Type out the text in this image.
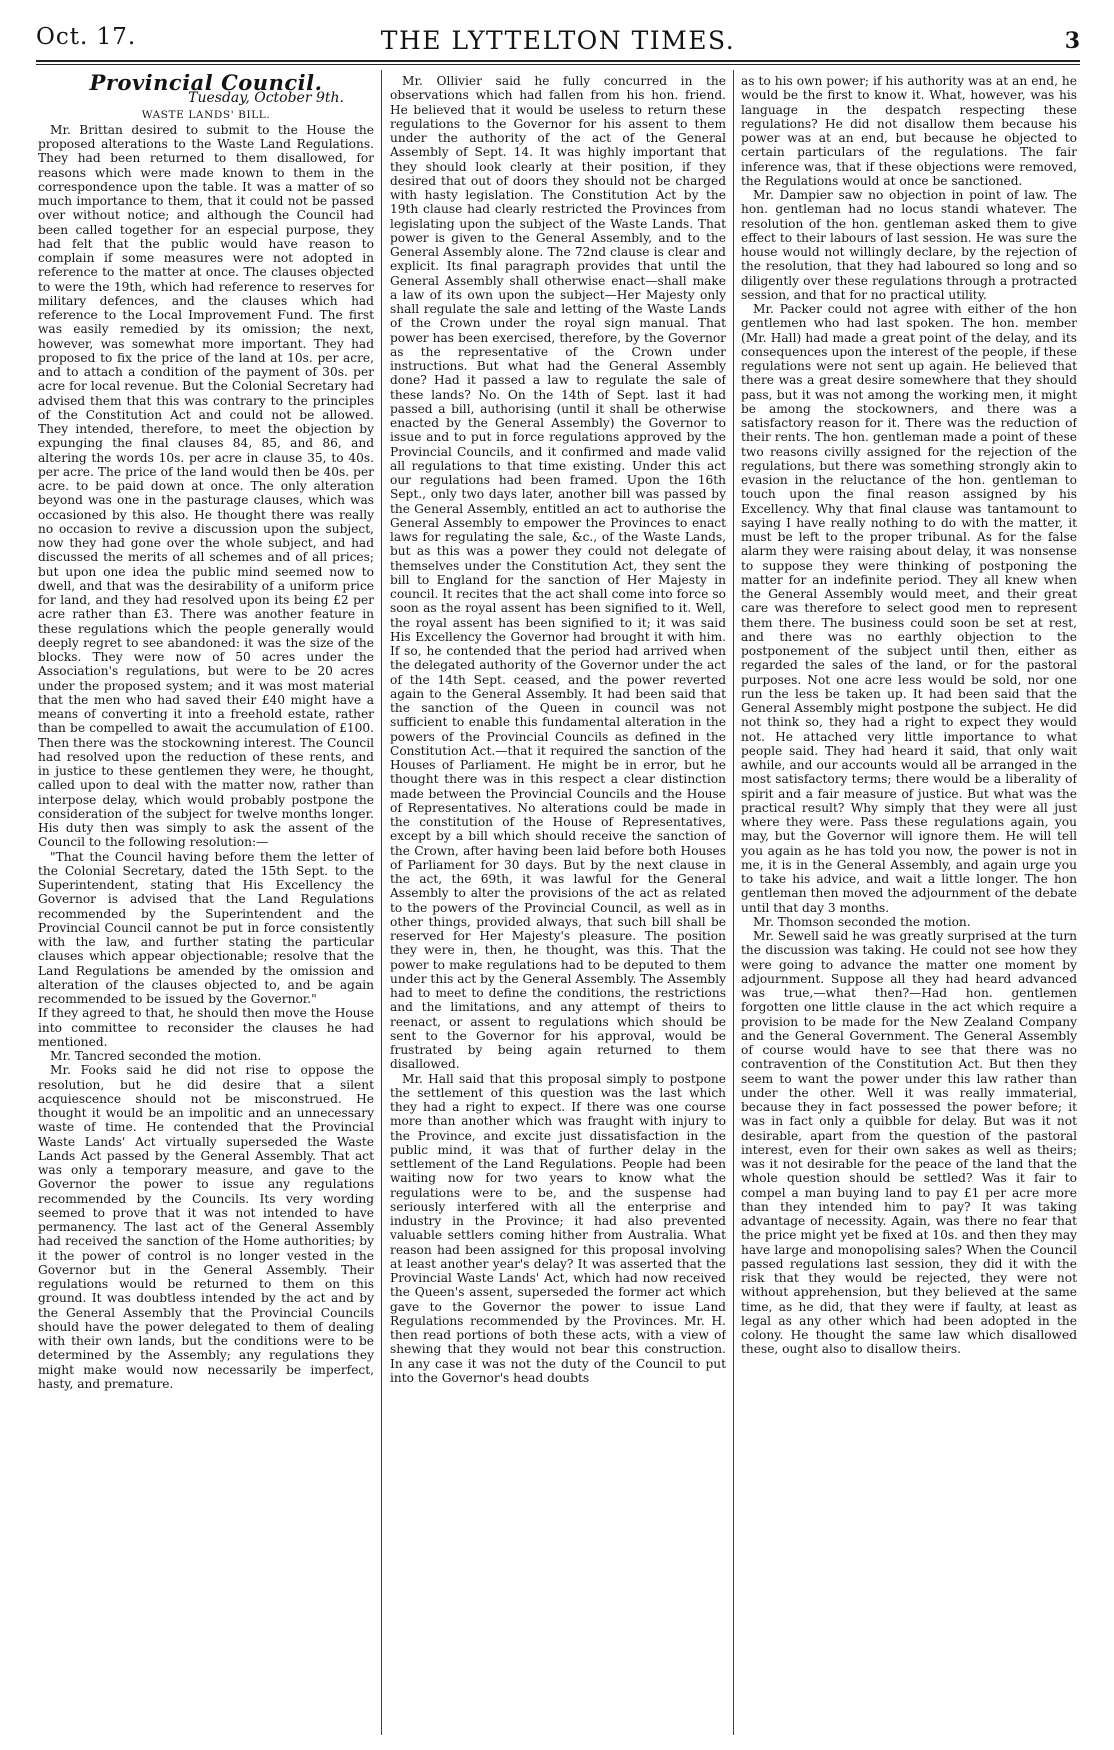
Oct. 17.	THE LYTTELTON TIMES.	3
Provincial Council.
Tuesday, October 9th.
WASTE LANDS' BILL.

Mr. Brittan desired to submit to the House the proposed alterations to the Waste Land Regulations. They had been returned to them disallowed, for reasons which were made known to them in the correspondence upon the table. It was a matter of so much importance to them, that it could not be passed over without notice; and although the Council had been called together for an especial purpose, they had felt that the public would have reason to complain if some measures were not adopted in reference to the matter at once. The clauses objected to were the 19th, which had reference to reserves for military defences, and the clauses which had reference to the Local Improvement Fund. The first was easily remedied by its omission; the next, however, was somewhat more important. They had proposed to fix the price of the land at 10s. per acre, and to attach a condition of the payment of 30s. per acre for local revenue. But the Colonial Secretary had advised them that this was contrary to the principles of the Constitution Act and could not be allowed. They intended, therefore, to meet the objection by expunging the final clauses 84, 85, and 86, and altering the words 10s. per acre in clause 35, to 40s. per acre. The price of the land would then be 40s. per acre. to be paid down at once. The only alteration beyond was one in the pasturage clauses, which was occasioned by this also. He thought there was really no occasion to revive a discussion upon the subject, now they had gone over the whole subject, and had discussed the merits of all schemes and of all prices; but upon one idea the public mind seemed now to dwell, and that was the desirability of a uniform price for land, and they had resolved upon its being £2 per acre rather than £3. There was another feature in these regulations which the people generally would deeply regret to see abandoned: it was the size of the blocks. They were now of 50 acres under the Association's regulations, but were to be 20 acres under the proposed system; and it was most material that the men who had saved their £40 might have a means of converting it into a freehold estate, rather than be compelled to await the accumulation of £100. Then there was the stockowning interest. The Council had resolved upon the reduction of these rents, and in justice to these gentlemen they were, he thought, called upon to deal with the matter now, rather than interpose delay, which would probably postpone the consideration of the subject for twelve months longer. His duty then was simply to ask the assent of the Council to the following resolution:—

"That the Council having before them the letter of the Colonial Secretary, dated the 15th Sept. to the Superintendent, stating that His Excellency the Governor is advised that the Land Regulations recommended by the Superintendent and the Provincial Council cannot be put in force consistently with the law, and further stating the particular clauses which appear objectionable; resolve that the Land Regulations be amended by the omission and alteration of the clauses objected to, and be again recommended to be issued by the Governor."

If they agreed to that, he should then move the House into committee to reconsider the clauses he had mentioned.

Mr. Tancred seconded the motion.

Mr. Fooks said he did not rise to oppose the resolution, but he did desire that a silent acquiescence should not be misconstrued. He thought it would be an impolitic and an unnecessary waste of time. He contended that the Provincial Waste Lands' Act virtually superseded the Waste Lands Act passed by the General Assembly. That act was only a temporary measure, and gave to the Governor the power to issue any regulations recommended by the Councils. Its very wording seemed to prove that it was not intended to have permanency. The last act of the General Assembly had received the sanction of the Home authorities; by it the power of control is no longer vested in the Governor but in the General Assembly. Their regulations would be returned to them on this ground. It was doubtless intended by the act and by the General Assembly that the Provincial Councils should have the power delegated to them of dealing with their own lands, but the conditions were to be determined by the Assembly; any regulations they might make would now necessarily be imperfect, hasty, and premature.

Mr. Ollivier said he fully concurred in the observations which had fallen from his hon. friend. He believed that it would be useless to return these regulations to the Governor for his assent to them under the authority of the act of the General Assembly of Sept. 14. It was highly important that they should look clearly at their position, if they desired that out of doors they should not be charged with hasty legislation. The Constitution Act by the 19th clause had clearly restricted the Provinces from legislating upon the subject of the Waste Lands. That power is given to the General Assembly, and to the General Assembly alone. The 72nd clause is clear and explicit. Its final paragraph provides that until the General Assembly shall otherwise enact—shall make a law of its own upon the subject—Her Majesty only shall regulate the sale and letting of the Waste Lands of the Crown under the royal sign manual. That power has been exercised, therefore, by the Governor as the representative of the Crown under instructions. But what had the General Assembly done? Had it passed a law to regulate the sale of these lands? No. On the 14th of Sept. last it had passed a bill, authorising (until it shall be otherwise enacted by the General Assembly) the Governor to issue and to put in force regulations approved by the Provincial Councils, and it confirmed and made valid all regulations to that time existing. Under this act our regulations had been framed. Upon the 16th Sept., only two days later, another bill was passed by the General Assembly, entitled an act to authorise the General Assembly to empower the Provinces to enact laws for regulating the sale, &c., of the Waste Lands, but as this was a power they could not delegate of themselves under the Constitution Act, they sent the bill to England for the sanction of Her Majesty in council. It recites that the act shall come into force so soon as the royal assent has been signified to it. Well, the royal assent has been signified to it; it was said His Excellency the Governor had brought it with him. If so, he contended that the period had arrived when the delegated authority of the Governor under the act of the 14th Sept. ceased, and the power reverted again to the General Assembly. It had been said that the sanction of the Queen in council was not sufficient to enable this fundamental alteration in the powers of the Provincial Councils as defined in the Constitution Act.—that it required the sanction of the Houses of Parliament. He might be in error, but he thought there was in this respect a clear distinction made between the Provincial Councils and the House of Representatives. No alterations could be made in the constitution of the House of Representatives, except by a bill which should receive the sanction of the Crown, after having been laid before both Houses of Parliament for 30 days. But by the next clause in the act, the 69th, it was lawful for the General Assembly to alter the provisions of the act as related to the powers of the Provincial Council, as well as in other things, provided always, that such bill shall be reserved for Her Majesty's pleasure. The position they were in, then, he thought, was this. That the power to make regulations had to be deputed to them under this act by the General Assembly. The Assembly had to meet to define the conditions, the restrictions and the limitations, and any attempt of theirs to reenact, or assent to regulations which should be sent to the Governor for his approval, would be frustrated by being again returned to them disallowed.

Mr. Hall said that this proposal simply to postpone the settlement of this question was the last which they had a right to expect. If there was one course more than another which was fraught with injury to the Province, and excite just dissatisfaction in the public mind, it was that of further delay in the settlement of the Land Regulations. People had been waiting now for two years to know what the regulations were to be, and the suspense had seriously interfered with all the enterprise and industry in the Province; it had also prevented valuable settlers coming hither from Australia. What reason had been assigned for this proposal involving at least another year's delay? It was asserted that the Provincial Waste Lands' Act, which had now received the Queen's assent, superseded the former act which gave to the Governor the power to issue Land Regulations recommended by the Provinces. Mr. H. then read portions of both these acts, with a view of shewing that they would not bear this construction. In any case it was not the duty of the Council to put into the Governor's head doubts

as to his own power; if his authority was at an end, he would be the first to know it. What, however, was his language in the despatch respecting these regulations? He did not disallow them because his power was at an end, but because he objected to certain particulars of the regulations. The fair inference was, that if these objections were removed, the Regulations would at once be sanctioned.

Mr. Dampier saw no objection in point of law. The hon. gentleman had no locus standi whatever. The resolution of the hon. gentleman asked them to give effect to their labours of last session. He was sure the house would not willingly declare, by the rejection of the resolution, that they had laboured so long and so diligently over these regulations through a protracted session, and that for no practical utility.

Mr. Packer could not agree with either of the hon gentlemen who had last spoken. The hon. member (Mr. Hall) had made a great point of the delay, and its consequences upon the interest of the people, if these regulations were not sent up again. He believed that there was a great desire somewhere that they should pass, but it was not among the working men, it might be among the stockowners, and there was a satisfactory reason for it. There was the reduction of their rents. The hon. gentleman made a point of these two reasons civilly assigned for the rejection of the regulations, but there was something strongly akin to evasion in the reluctance of the hon. gentleman to touch upon the final reason assigned by his Excellency. Why that final clause was tantamount to saying I have really nothing to do with the matter, it must be left to the proper tribunal. As for the false alarm they were raising about delay, it was nonsense to suppose they were thinking of postponing the matter for an indefinite period. They all knew when the General Assembly would meet, and their great care was therefore to select good men to represent them there. The business could soon be set at rest, and there was no earthly objection to the postponement of the subject until then, either as regarded the sales of the land, or for the pastoral purposes. Not one acre less would be sold, nor one run the less be taken up. It had been said that the General Assembly might postpone the subject. He did not think so, they had a right to expect they would not. He attached very little importance to what people said. They had heard it said, that only wait awhile, and our accounts would all be arranged in the most satisfactory terms; there would be a liberality of spirit and a fair measure of justice. But what was the practical result? Why simply that they were all just where they were. Pass these regulations again, you may, but the Governor will ignore them. He will tell you again as he has told you now, the power is not in me, it is in the General Assembly, and again urge you to take his advice, and wait a little longer. The hon gentleman then moved the adjournment of the debate until that day 3 months.

Mr. Thomson seconded the motion.

Mr. Sewell said he was greatly surprised at the turn the discussion was taking. He could not see how they were going to advance the matter one moment by adjournment. Suppose all they had heard advanced was true,—what then?—Had hon. gentlemen forgotten one little clause in the act which require a provision to be made for the New Zealand Company and the General Government. The General Assembly of course would have to see that there was no contravention of the Constitution Act. But then they seem to want the power under this law rather than under the other. Well it was really immaterial, because they in fact possessed the power before; it was in fact only a quibble for delay. But was it not desirable, apart from the question of the pastoral interest, even for their own sakes as well as theirs; was it not desirable for the peace of the land that the whole question should be settled? Was it fair to compel a man buying land to pay £1 per acre more than they intended him to pay? It was taking advantage of necessity. Again, was there no fear that the price might yet be fixed at 10s. and then they may have large and monopolising sales? When the Council passed regulations last session, they did it with the risk that they would be rejected, they were not without apprehension, but they believed at the same time, as he did, that they were if faulty, at least as legal as any other which had been adopted in the colony. He thought the same law which disallowed these, ought also to disallow theirs.
